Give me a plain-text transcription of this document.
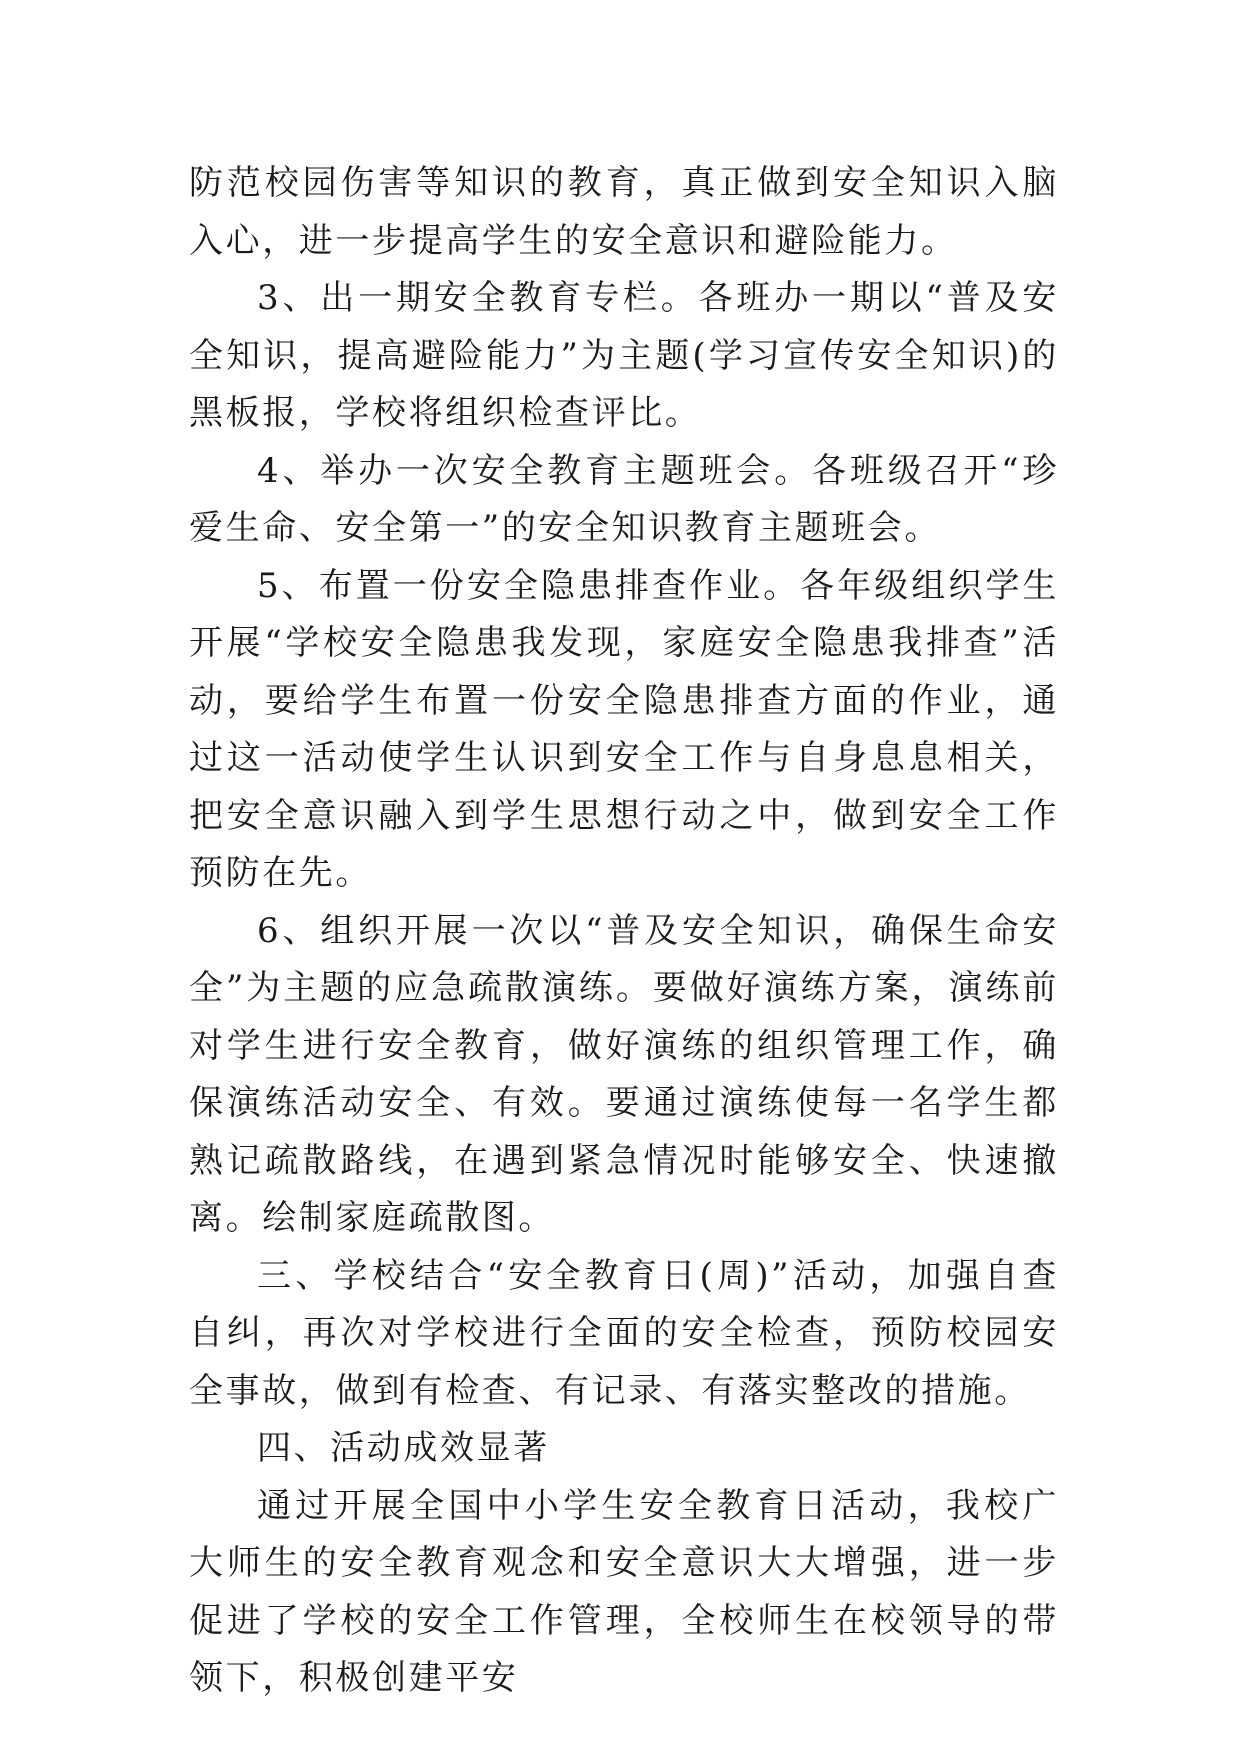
防范校园伤害等知识的教育，真正做到安全知识入脑入心，进一步提高学生的安全意识和避险能力。

3、出一期安全教育专栏。各班办一期以“普及安全知识，提高避险能力”为主题(学习宣传安全知识)的黑板报，学校将组织检查评比。

4、举办一次安全教育主题班会。各班级召开“珍爱生命、安全第一”的安全知识教育主题班会。

5、布置一份安全隐患排查作业。各年级组织学生开展“学校安全隐患我发现，家庭安全隐患我排查”活动，要给学生布置一份安全隐患排查方面的作业，通过这一活动使学生认识到安全工作与自身息息相关，把安全意识融入到学生思想行动之中，做到安全工作预防在先。

6、组织开展一次以“普及安全知识，确保生命安全”为主题的应急疏散演练。要做好演练方案，演练前对学生进行安全教育，做好演练的组织管理工作，确保演练活动安全、有效。要通过演练使每一名学生都熟记疏散路线，在遇到紧急情况时能够安全、快速撤离。绘制家庭疏散图。

三、学校结合“安全教育日(周)”活动，加强自查自纠，再次对学校进行全面的安全检查，预防校园安全事故，做到有检查、有记录、有落实整改的措施。

四、活动成效显著

通过开展全国中小学生安全教育日活动，我校广大师生的安全教育观念和安全意识大大增强，进一步促进了学校的安全工作管理，全校师生在校领导的带领下，积极创建平安
